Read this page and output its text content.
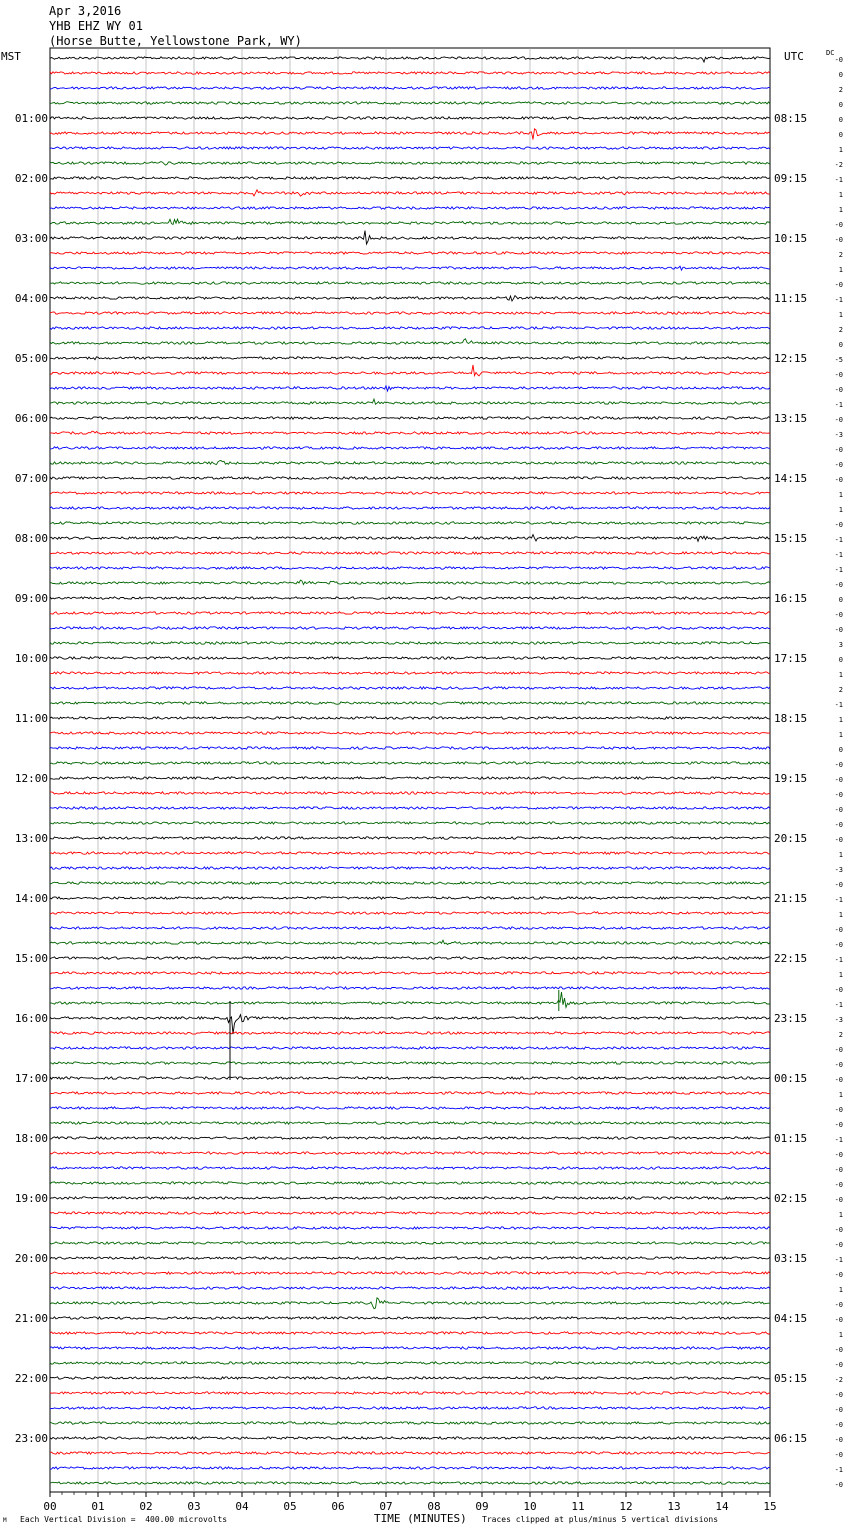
Apr 3,2016
YHB EHZ WY 01
(Horse Butte, Yellowstone Park, WY)
MST	UTC	DC
-0
0
2
0
0
0
1
-2
-1
1
1
-0
-0
2
1
-0
-1
1
2
0
-5
-0
-0
-1
-0
-3
-0
-0
-0
1
1
-0
-1
-1
-1
-0
0
-0
-0
3
0
1
2
-1
1
1
0
-0
-0
-0
-0
-0
-0
1
-3
-0
-1
1
-0
-0
-1
1
-0
-1
-3
2
-0
-0
-0
1
-0
-0
-1
-0
-0
-0
-0
1
-0
-0
-1
-0
1
-0
-0
1
-0
-0
-2
-0
-0
-0
-0
-0
-1
-0
01:00	08:15
02:00	09:15
03:00	10:15
04:00	11:15
05:00	12:15
06:00	13:15
07:00	14:15
08:00	15:15
09:00	16:15
10:00	17:15
11:00	18:15
12:00	19:15
13:00	20:15
14:00	21:15
15:00	22:15
16:00	23:15
17:00	00:15
18:00	01:15
19:00	02:15
20:00	03:15
21:00	04:15
22:00	05:15
23:00	06:15
00	01	02	03	04	05	06	07	08	09	10	11	12	13	14	15
M Each Vertical Division =  400.00 microvolts	TIME (MINUTES) Traces clipped at plus/minus 5 vertical divisions
